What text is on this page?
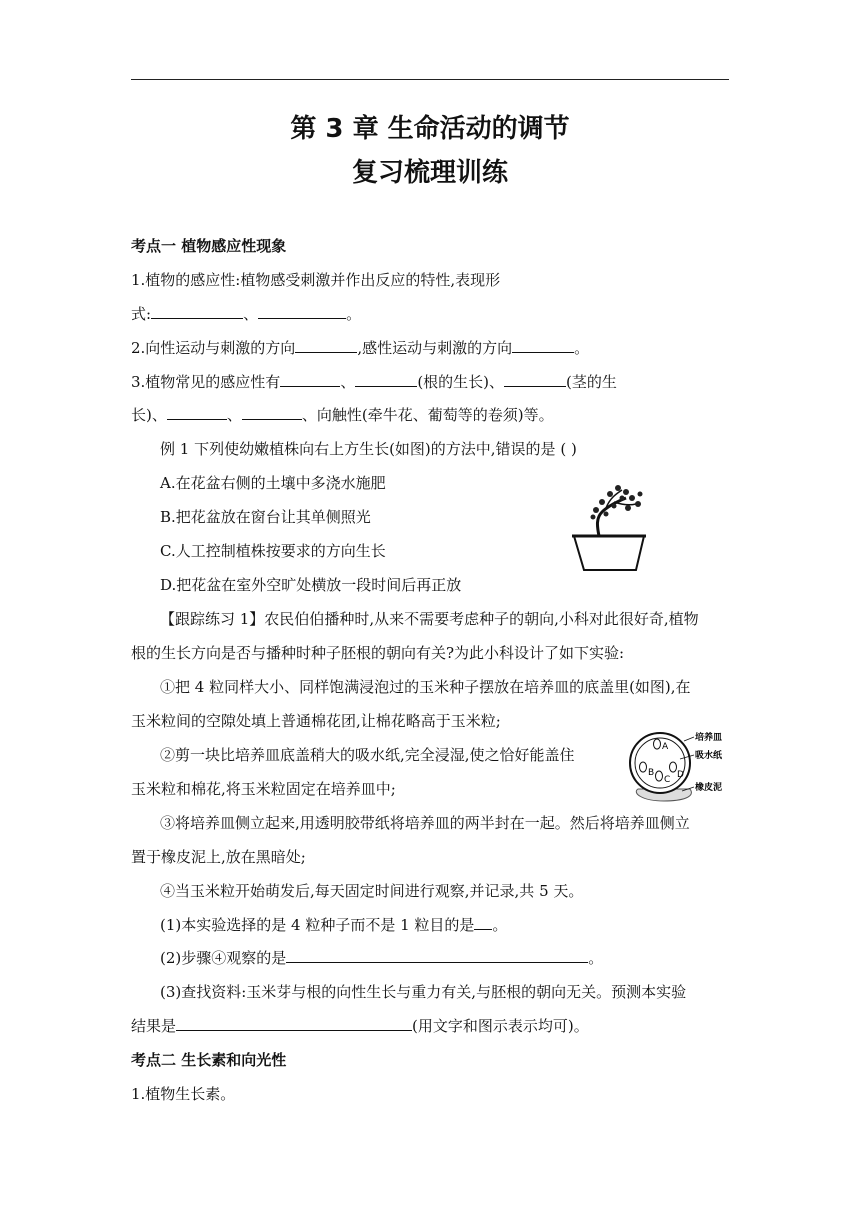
第 3 章 生命活动的调节
复习梳理训练
考点一 植物感应性现象
1.植物的感应性:植物感受刺激并作出反应的特性,表现形
式:	、	。
2.向性运动与刺激的方向	,感性运动与刺激的方向	。
3.植物常见的感应性有	、	(根的生长)、	(茎的生
长)、	、	、向触性(牵牛花、葡萄等的卷须)等。
例 1 下列使幼嫩植株向右上方生长(如图)的方法中,错误的是 ( )
A.在花盆右侧的土壤中多浇水施肥
B.把花盆放在窗台让其单侧照光
C.人工控制植株按要求的方向生长
D.把花盆在室外空旷处横放一段时间后再正放
【跟踪练习 1】农民伯伯播种时,从来不需要考虑种子的朝向,小科对此很好奇,植物
根的生长方向是否与播种时种子胚根的朝向有关?为此小科设计了如下实验:
①把 4 粒同样大小、同样饱满浸泡过的玉米种子摆放在培养皿的底盖里(如图),在
玉米粒间的空隙处填上普通棉花团,让棉花略高于玉米粒;
②剪一块比培养皿底盖稍大的吸水纸,完全浸湿,使之恰好能盖住
玉米粒和棉花,将玉米粒固定在培养皿中;
A
B
C D
培养皿
吸水纸
橡皮泥
③将培养皿侧立起来,用透明胶带纸将培养皿的两半封在一起。然后将培养皿侧立
置于橡皮泥上,放在黑暗处;
④当玉米粒开始萌发后,每天固定时间进行观察,并记录,共 5 天。
(1)本实验选择的是 4 粒种子而不是 1 粒目的是 。
(2)步骤④观察的是	。
(3)查找资料:玉米芽与根的向性生长与重力有关,与胚根的朝向无关。预测本实验
结果是	(用文字和图示表示均可)。
考点二 生长素和向光性
1.植物生长素。
